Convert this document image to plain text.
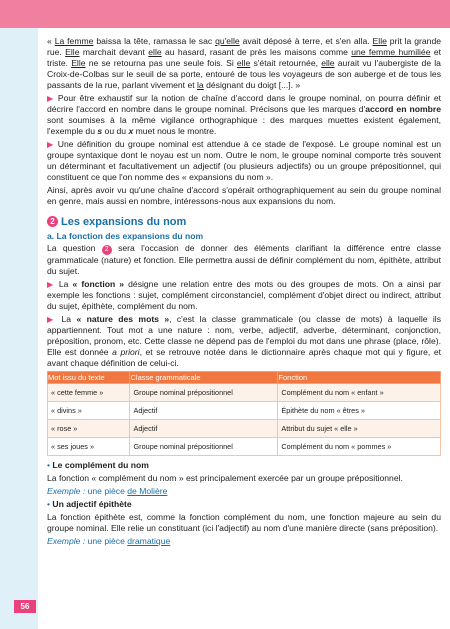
56

« La femme baissa la tête, ramassa le sac qu'elle avait déposé à terre, et s'en alla. Elle prit la grande rue. Elle marchait devant elle au hasard, rasant de près les maisons comme une femme humiliée et triste. Elle ne se retourna pas une seule fois. Si elle s'était retournée, elle aurait vu l'aubergiste de la Croix-de-Colbas sur le seuil de sa porte, entouré de tous les voyageurs de son auberge et de tous les passants de la rue, parlant vivement et la désignant du doigt [...]. »

▶ Pour être exhaustif sur la notion de chaîne d'accord dans le groupe nominal, on pourra définir et décrire l'accord en nombre dans le groupe nominal. Précisons que les marques d'accord en nombre sont soumises à la même vigilance orthographique : des marques muettes existent également, l'exemple du s ou du x muet nous le montre.

▶ Une définition du groupe nominal est attendue à ce stade de l'exposé. Le groupe nominal est un groupe syntaxique dont le noyau est un nom. Outre le nom, le groupe nominal comporte très souvent un déterminant et facultativement un adjectif (ou plusieurs adjectifs) ou un groupe prépositionnel, qui constituent ce que l'on nomme des « expansions du nom ».

Ainsi, après avoir vu qu'une chaîne d'accord s'opérait orthographiquement au sein du groupe nominal en genre, mais aussi en nombre, intéressons-nous aux expansions du nom.

2 Les expansions du nom
a. La fonction des expansions du nom

La question 2 sera l'occasion de donner des éléments clarifiant la différence entre classe grammaticale (nature) et fonction. Elle permettra aussi de définir complément du nom, épithète, attribut du sujet.

▶ La « fonction » désigne une relation entre des mots ou des groupes de mots. On a ainsi par exemple les fonctions : sujet, complément circonstanciel, complément d'objet direct ou indirect, attribut du sujet, épithète, complément du nom.

▶ La « nature des mots », c'est la classe grammaticale (ou classe de mots) à laquelle ils appartiennent. Tout mot a une nature : nom, verbe, adjectif, adverbe, déterminant, conjonction, préposition, pronom, etc. Cette classe ne dépend pas de l'emploi du mot dans une phrase (place, rôle). Elle est donnée a priori, et se retrouve notée dans le dictionnaire après chaque mot qui y figure, et avant chaque définition de celui-ci.

Mot issu du texte	Classe grammaticale	Fonction
« cette femme »	Groupe nominal prépositionnel	Complément du nom « enfant »
« divins »	Adjectif	Épithète du nom « êtres »
« rose »	Adjectif	Attribut du sujet « elle »
« ses joues »	Groupe nominal prépositionnel	Complément du nom « pommes »

• Le complément du nom

La fonction « complément du nom » est principalement exercée par un groupe prépositionnel.

Exemple : une pièce de Molière

• Un adjectif épithète

La fonction épithète est, comme la fonction complément du nom, une fonction majeure au sein du groupe nominal. Elle relie un constituant (ici l'adjectif) au nom d'une manière directe (sans préposition).

Exemple : une pièce dramatique
